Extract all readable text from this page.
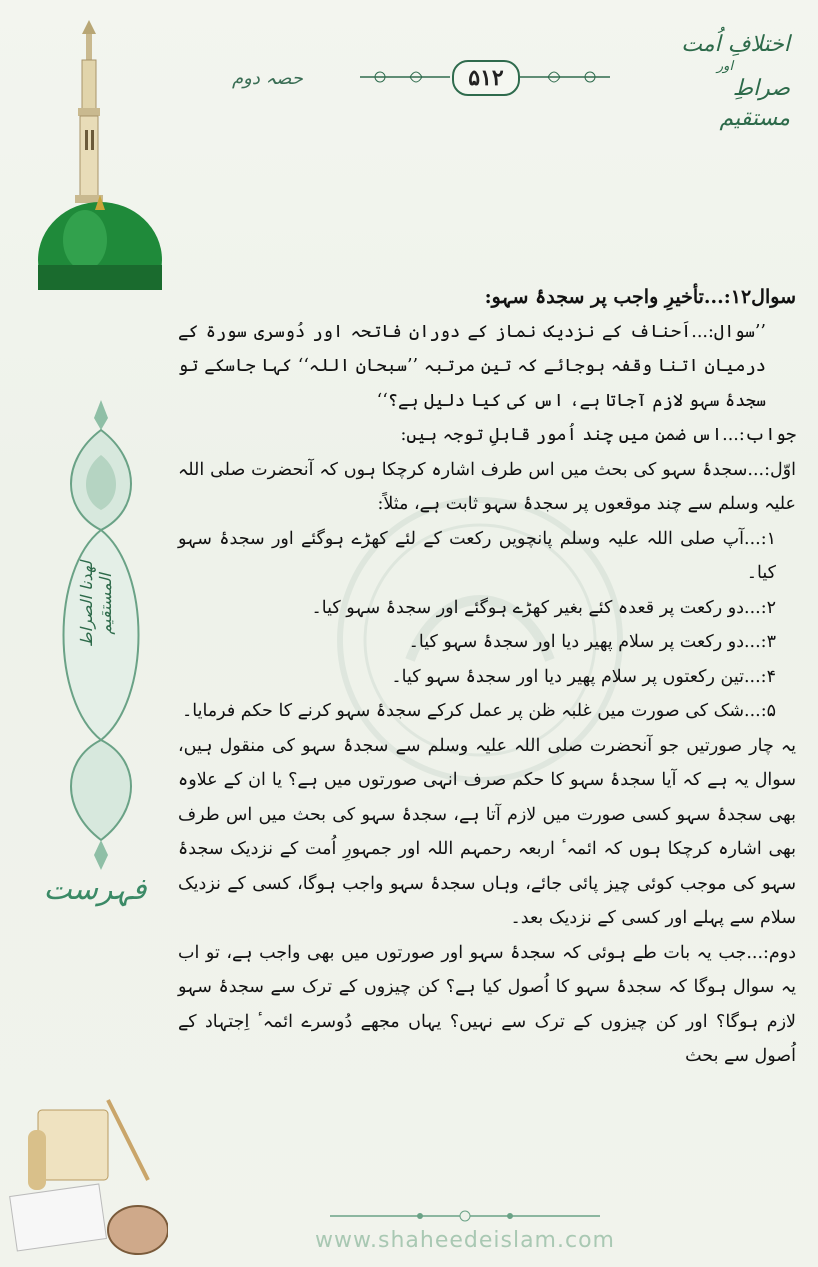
حصہ دوم	۵۱۲
اختلافِ اُمت
اور
صراطِ مستقیم
لهدنا الصراط المستقیم
فہرست

سوال۱۲:...تأخیرِ واجب پر سجدۂ سہو:

’’سوال:...اَحناف کے نزدیک نماز کے دوران فاتحہ اور دُوسری سورة کے درمیان اتنا وقفہ ہوجائے کہ تین مرتبہ ’’سبحان اللہ‘‘ کہا جاسکے تو سجدۂ سہو لازم آجاتا ہے، اس کی کیا دلیل ہے؟‘‘

جواب:...اس ضمن میں چند اُمور قابلِ توجہ ہیں:

اوّل:...سجدۂ سہو کی بحث میں اس طرف اشارہ کرچکا ہوں کہ آنحضرت صلی اللہ علیہ وسلم سے چند موقعوں پر سجدۂ سہو ثابت ہے، مثلاً:

۱:...آپ صلی اللہ علیہ وسلم پانچویں رکعت کے لئے کھڑے ہوگئے اور سجدۂ سہو کیا۔

۲:...دو رکعت پر قعدہ کئے بغیر کھڑے ہوگئے اور سجدۂ سہو کیا۔

۳:...دو رکعت پر سلام پھیر دیا اور سجدۂ سہو کیا۔

۴:...تین رکعتوں پر سلام پھیر دیا اور سجدۂ سہو کیا۔

۵:...شک کی صورت میں غلبہ ظن پر عمل کرکے سجدۂ سہو کرنے کا حکم فرمایا۔

یہ چار صورتیں جو آنحضرت صلی اللہ علیہ وسلم سے سجدۂ سہو کی منقول ہیں، سوال یہ ہے کہ آیا سجدۂ سہو کا حکم صرف انہی صورتوں میں ہے؟ یا ان کے علاوہ بھی سجدۂ سہو کسی صورت میں لازم آتا ہے، سجدۂ سہو کی بحث میں اس طرف بھی اشارہ کرچکا ہوں کہ ائمہٴ اربعہ رحمہم اللہ اور جمہورِ اُمت کے نزدیک سجدۂ سہو کی موجب کوئی چیز پائی جائے، وہاں سجدۂ سہو واجب ہوگا، کسی کے نزدیک سلام سے پہلے اور کسی کے نزدیک بعد۔

دوم:...جب یہ بات طے ہوئی کہ سجدۂ سہو اور صورتوں میں بھی واجب ہے، تو اب یہ سوال ہوگا کہ سجدۂ سہو کا اُصول کیا ہے؟ کن چیزوں کے ترک سے سجدۂ سہو لازم ہوگا؟ اور کن چیزوں کے ترک سے نہیں؟ یہاں مجھے دُوسرے ائمہٴ اِجتہاد کے اُصول سے بحث

www.shaheedeislam.com
